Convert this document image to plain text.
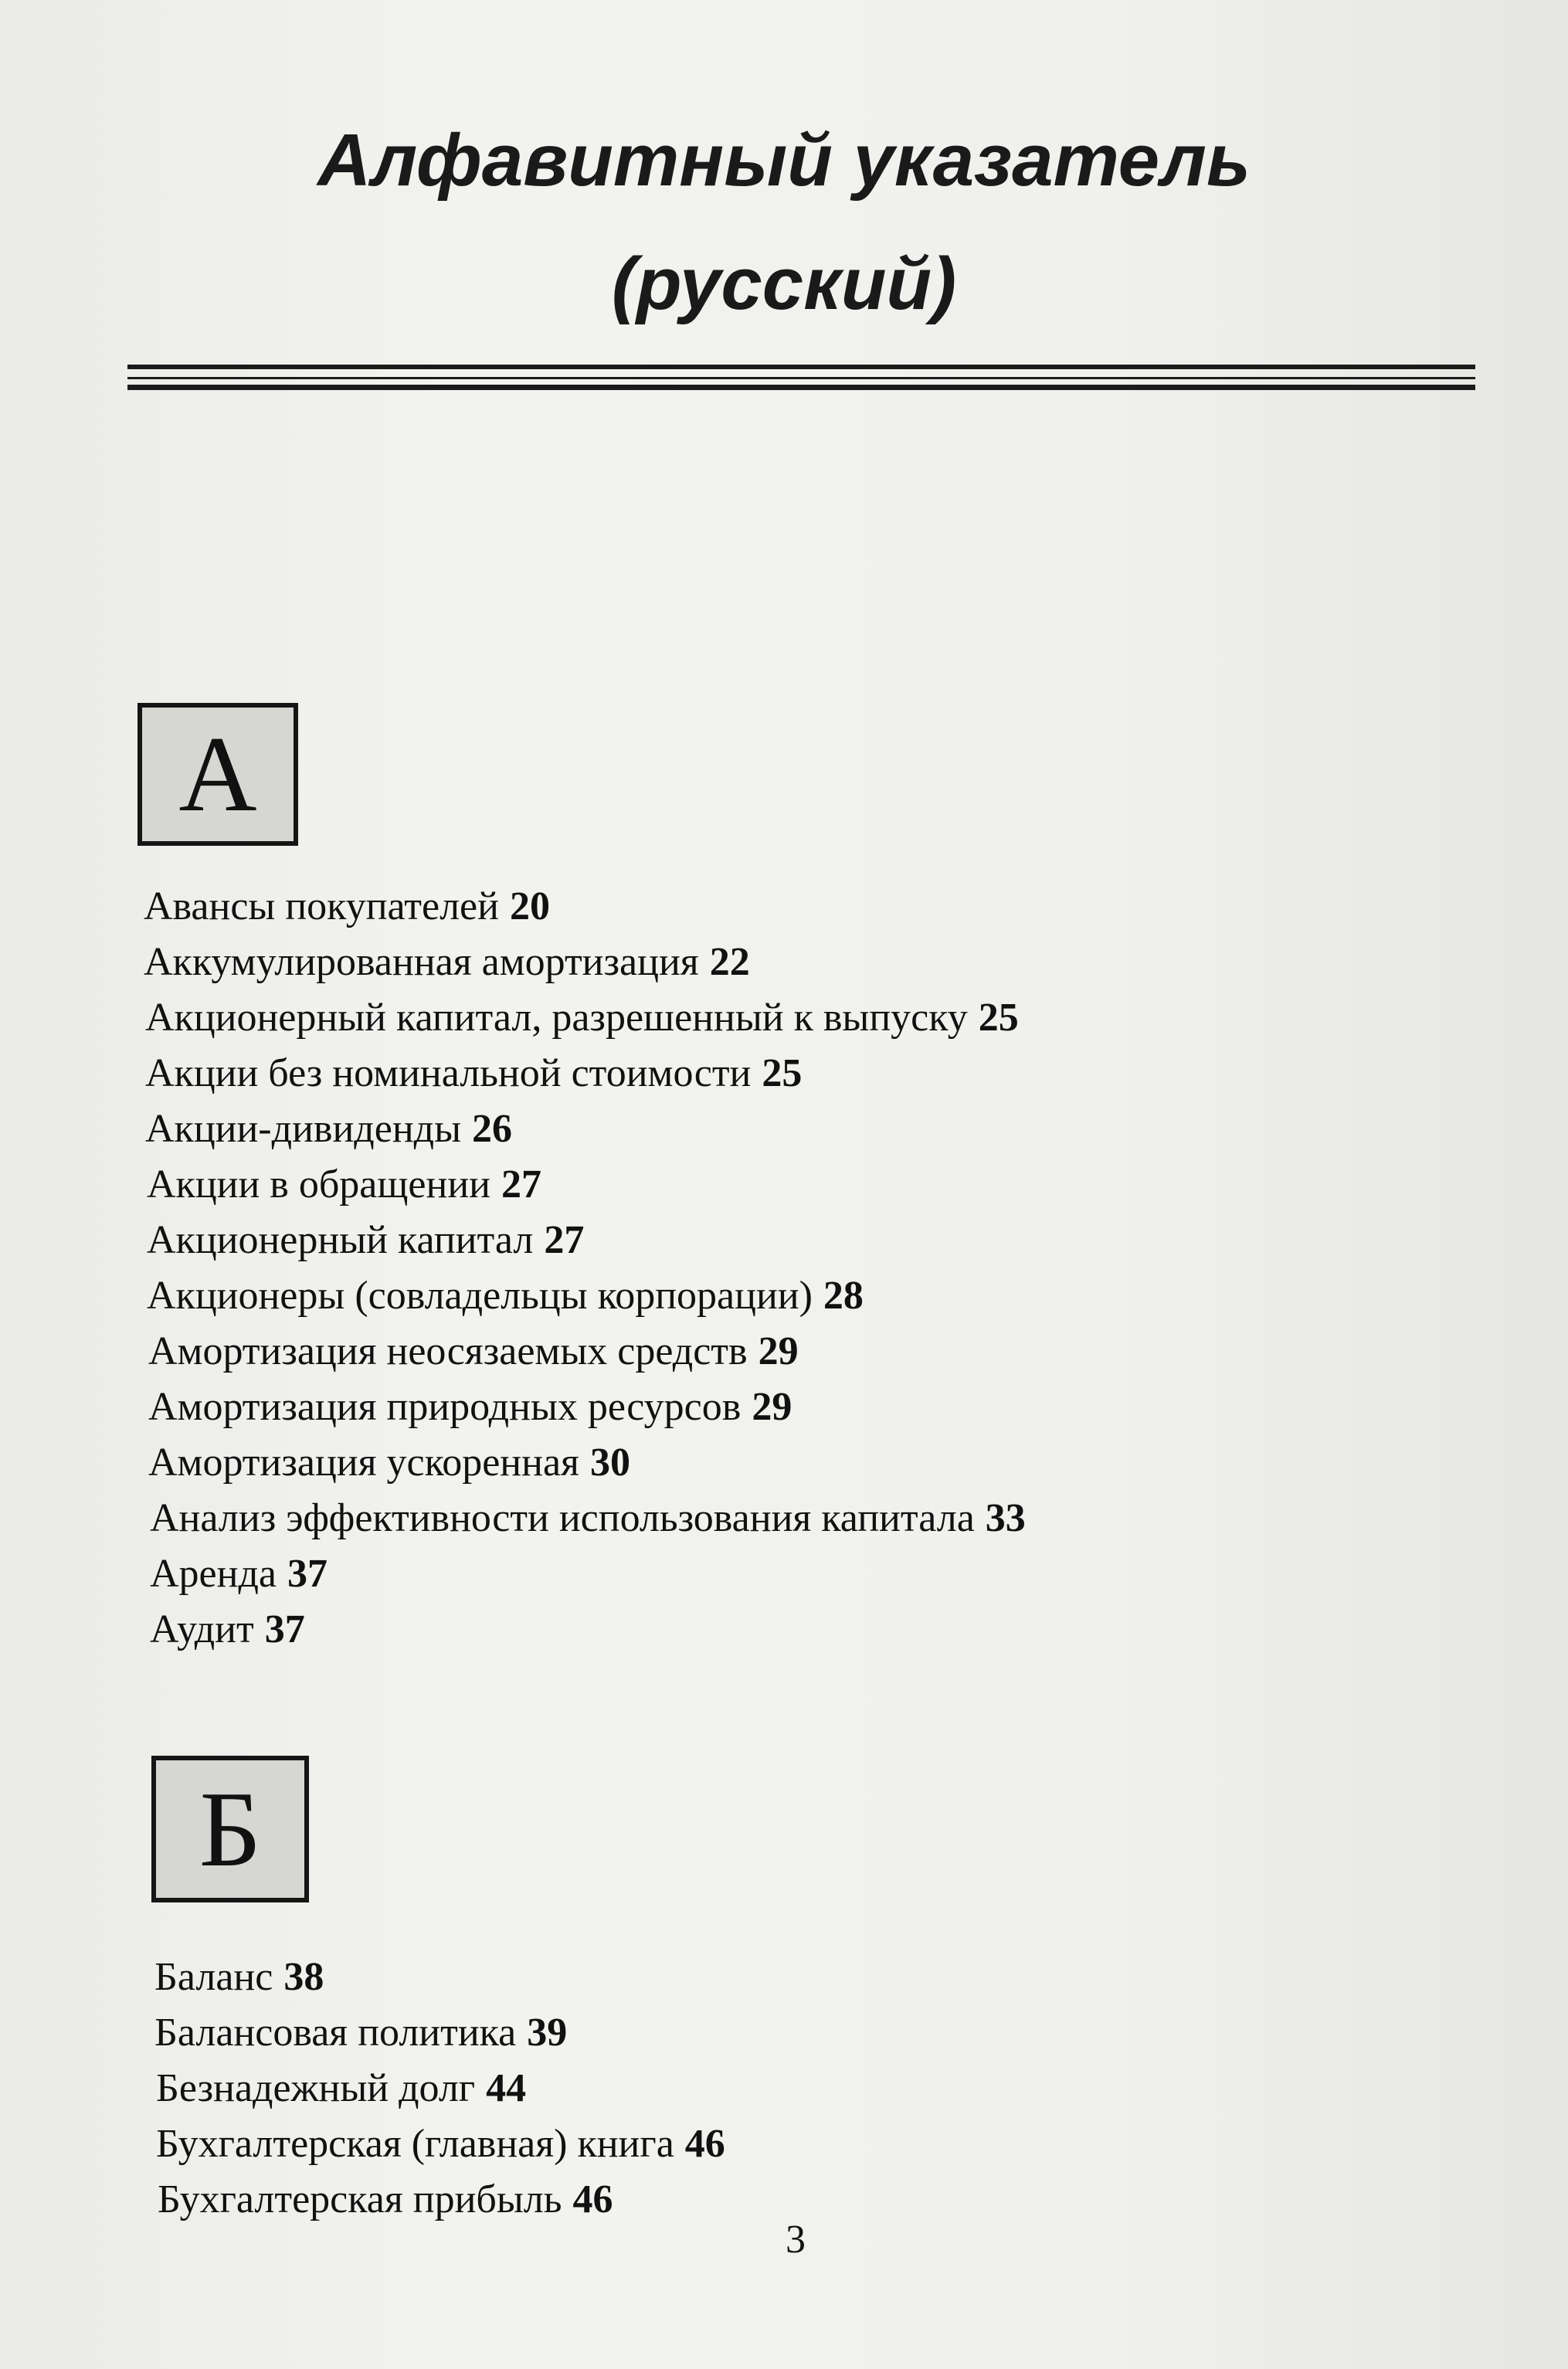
Алфавитный указатель
(русский)
А
Авансы покупателей 20
Аккумулированная амортизация 22
Акционерный капитал, разрешенный к выпуску 25
Акции без номинальной стоимости 25
Акции-дивиденды 26
Акции в обращении 27
Акционерный капитал 27
Акционеры (совладельцы корпорации) 28
Амортизация неосязаемых средств 29
Амортизация природных ресурсов 29
Амортизация ускоренная 30
Анализ эффективности использования капитала 33
Аренда 37
Аудит 37
Б
Баланс 38
Балансовая политика 39
Безнадежный долг 44
Бухгалтерская (главная) книга 46
Бухгалтерская прибыль 46
3
